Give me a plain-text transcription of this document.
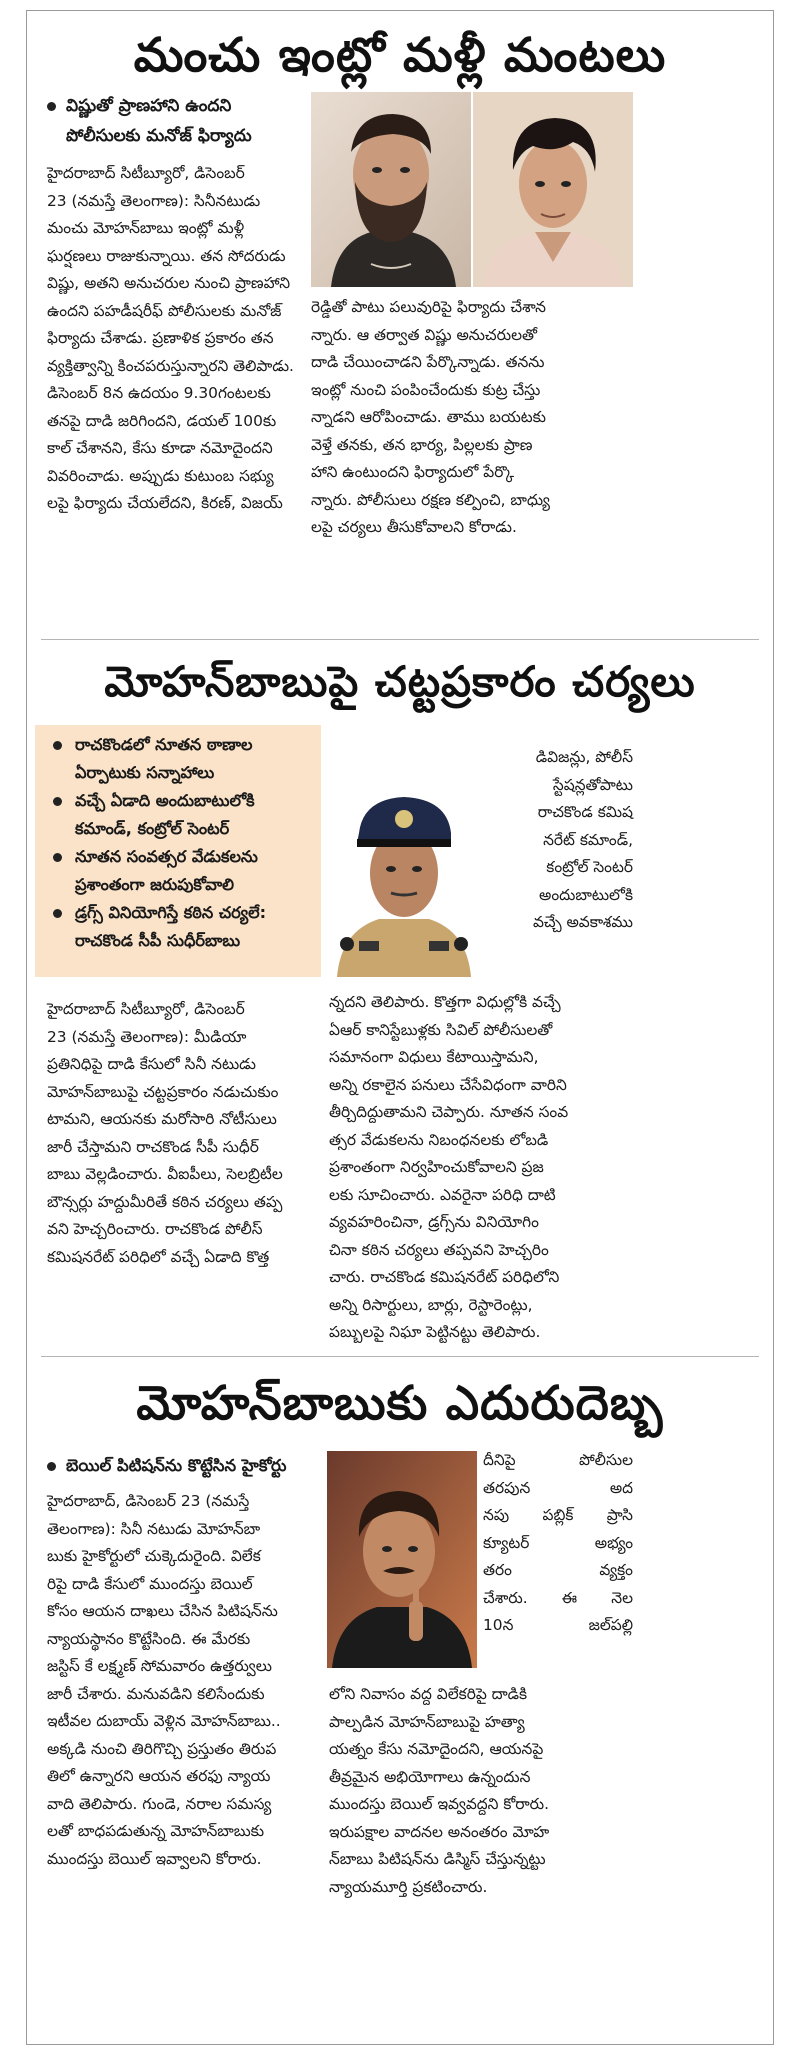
మంచు ఇంట్లో మళ్లీ మంటలు
విష్ణుతో ప్రాణహాని ఉందని
పోలీసులకు మనోజ్ ఫిర్యాదు

హైదరాబాద్ సిటీబ్యూరో, డిసెంబర్

23 (నమస్తే తెలంగాణ): సినీనటుడు

మంచు మోహన్‌బాబు ఇంట్లో మళ్లీ

ఘర్షణలు రాజుకున్నాయి. తన సోదరుడు

విష్ణు, అతని అనుచరుల నుంచి ప్రాణహాని

ఉందని పహడీషరీఫ్ పోలీసులకు మనోజ్

ఫిర్యాదు చేశాడు. ప్రణాళిక ప్రకారం తన

వ్యక్తిత్వాన్ని కించపరుస్తున్నారని తెలిపాడు.

డిసెంబర్ 8న ఉదయం 9.30గంటలకు

తనపై దాడి జరిగిందని, డయల్ 100కు

కాల్ చేశానని, కేసు కూడా నమోదైందని

వివరించాడు. అప్పుడు కుటుంబ సభ్యు

లపై ఫిర్యాదు చేయలేదని, కిరణ్, విజయ్

రెడ్డితో పాటు పలువురిపై ఫిర్యాదు చేశాన

న్నారు. ఆ తర్వాత విష్ణు అనుచరులతో

దాడి చేయించాడని పేర్కొన్నాడు. తనను

ఇంట్లో నుంచి పంపించేందుకు కుట్ర చేస్తు

న్నాడని ఆరోపించాడు. తాము బయటకు

వెళ్తే తనకు, తన భార్య, పిల్లలకు ప్రాణ

హాని ఉంటుందని ఫిర్యాదులో పేర్కొ

న్నారు. పోలీసులు రక్షణ కల్పించి, బాధ్యు

లపై చర్యలు తీసుకోవాలని కోరాడు.

మోహన్‌బాబుపై చట్టప్రకారం చర్యలు
రాచకొండలో నూతన ఠాణాల
ఏర్పాటుకు సన్నాహాలు
వచ్చే ఏడాది అందుబాటులోకి
కమాండ్, కంట్రోల్ సెంటర్
నూతన సంవత్సర వేడుకలను
ప్రశాంతంగా జరుపుకోవాలి
డ్రగ్స్ వినియోగిస్తే కఠిన చర్యలే:
రాచకొండ సీపీ సుధీర్‌బాబు

డివిజన్లు, పోలీస్

స్టేషన్లతోపాటు

రాచకొండ కమిష

నరేట్ కమాండ్,

కంట్రోల్ సెంటర్

అందుబాటులోకి

వచ్చే అవకాశము

హైదరాబాద్ సిటీబ్యూరో, డిసెంబర్

23 (నమస్తే తెలంగాణ): మీడియా

ప్రతినిధిపై దాడి కేసులో సినీ నటుడు

మోహన్‌బాబుపై చట్టప్రకారం నడుచుకుం

టామని, ఆయనకు మరోసారి నోటీసులు

జారీ చేస్తామని రాచకొండ సీపీ సుధీర్

బాబు వెల్లడించారు. వీఐపీలు, సెలబ్రిటీల

బౌన్సర్లు హద్దుమీరితే కఠిన చర్యలు తప్ప

వని హెచ్చరించారు. రాచకొండ పోలీస్

కమిషనరేట్ పరిధిలో వచ్చే ఏడాది కొత్త

న్నదని తెలిపారు. కొత్తగా విధుల్లోకి వచ్చే

ఏఆర్ కానిస్టేబుళ్లకు సివిల్ పోలీసులతో

సమానంగా విధులు కేటాయిస్తామని,

అన్ని రకాలైన పనులు చేసేవిధంగా వారిని

తీర్చిదిద్దుతామని చెప్పారు. నూతన సంవ

త్సర వేడుకలను నిబంధనలకు లోబడి

ప్రశాంతంగా నిర్వహించుకోవాలని ప్రజ

లకు సూచించారు. ఎవరైనా పరిధి దాటి

వ్యవహరించినా, డ్రగ్స్‌ను వినియోగిం

చినా కఠిన చర్యలు తప్పవని హెచ్చరిం

చారు. రాచకొండ కమిషనరేట్ పరిధిలోని

అన్ని రిసార్టులు, బార్లు, రెస్టారెంట్లు,

పబ్బులపై నిఘా పెట్టినట్టు తెలిపారు.

మోహన్‌బాబుకు ఎదురుదెబ్బ
బెయిల్ పిటిషన్‌ను కొట్టేసిన హైకోర్టు

హైదరాబాద్, డిసెంబర్ 23 (నమస్తే

తెలంగాణ): సినీ నటుడు మోహన్‌బా

బుకు హైకోర్టులో చుక్కెదురైంది. విలేక

రిపై దాడి కేసులో ముందస్తు బెయిల్

కోసం ఆయన దాఖలు చేసిన పిటిషన్‌ను

న్యాయస్థానం కొట్టేసింది. ఈ మేరకు

జస్టిస్ కే లక్ష్మణ్ సోమవారం ఉత్తర్వులు

జారీ చేశారు. మనువడిని కలిసేందుకు

ఇటీవల దుబాయ్ వెళ్లిన మోహన్‌బాబు..

అక్కడి నుంచి తిరిగొచ్చి ప్రస్తుతం తిరుప

తిలో ఉన్నారని ఆయన తరఫు న్యాయ

వాది తెలిపారు. గుండె, నరాల సమస్య

లతో బాధపడుతున్న మోహన్‌బాబుకు

ముందస్తు బెయిల్ ఇవ్వాలని కోరారు.

దీనిపై పోలీసుల

తరపున అద

నపు పబ్లిక్ ప్రాసి

క్యూటర్ అభ్యం

తరం వ్యక్తం

చేశారు. ఈ నెల

10న జల్‌పల్లి

లోని నివాసం వద్ద విలేకరిపై దాడికి

పాల్పడిన మోహన్‌బాబుపై హత్యా

యత్నం కేసు నమోదైందని, ఆయనపై

తీవ్రమైన అభియోగాలు ఉన్నందున

ముందస్తు బెయిల్ ఇవ్వవద్దని కోరారు.

ఇరుపక్షాల వాదనల అనంతరం మోహ

న్‌బాబు పిటిషన్‌ను డిస్మిస్ చేస్తున్నట్టు

న్యాయమూర్తి ప్రకటించారు.
